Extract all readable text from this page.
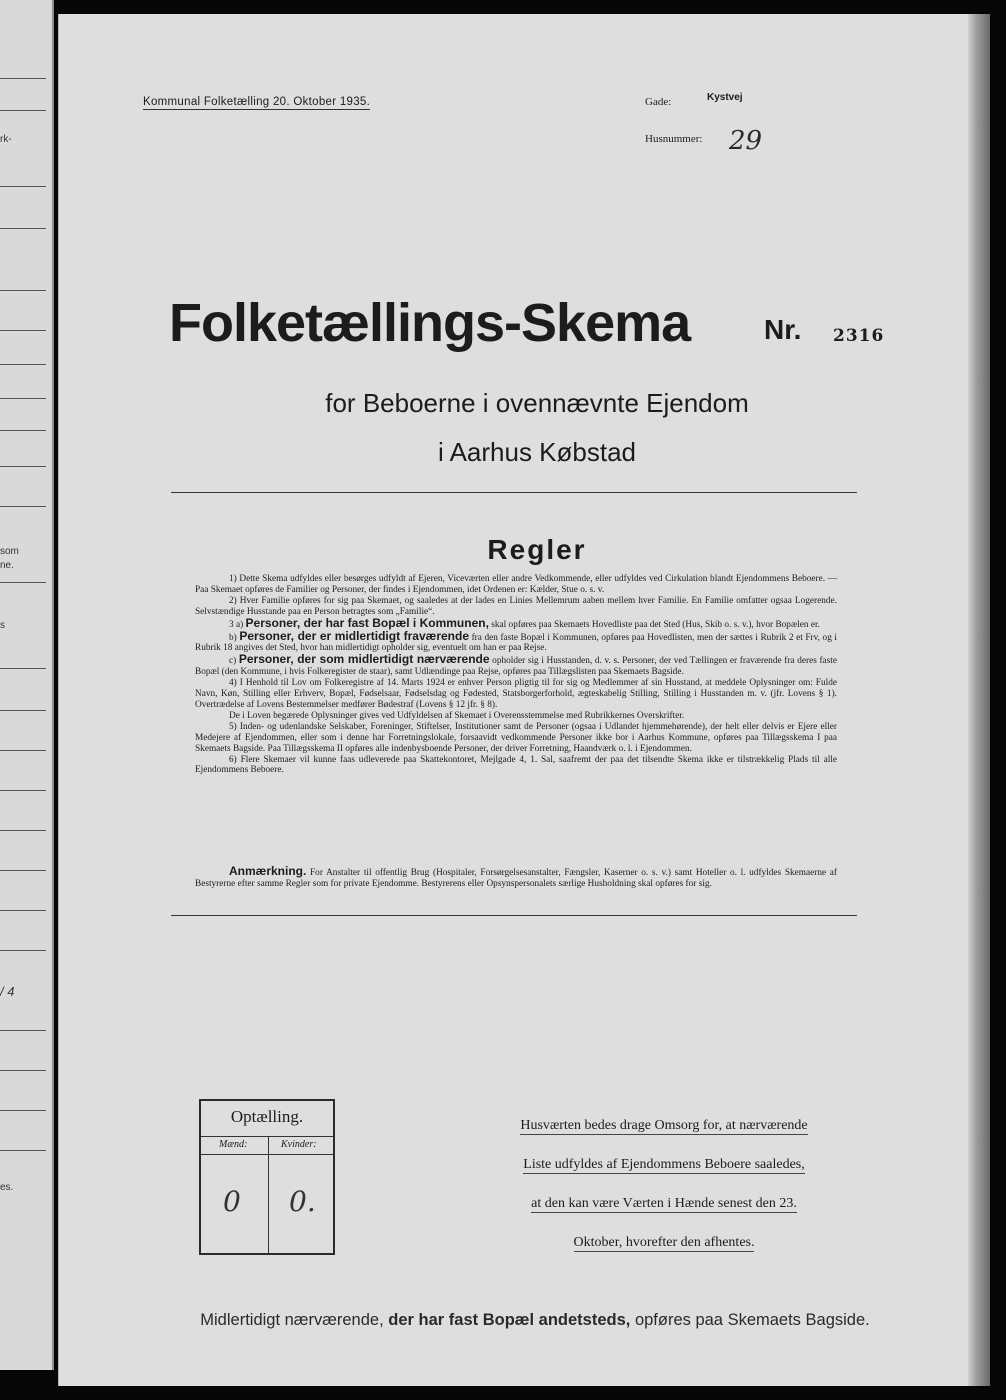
rk-
som
ne.
s
/ 4
es.
Kommunal Folketælling 20. Oktober 1935.	Gade:	Kystvej
Husnummer: 29
Folketællings-Skema	Nr. 2316
for Beboerne i ovennævnte Ejendom
i Aarhus Købstad
Regler

1) Dette Skema udfyldes eller besørges udfyldt af Ejeren, Viceværten eller andre Vedkommende, eller udfyldes ved Cirkulation blandt Ejendommens Beboere. — Paa Skemaet opføres de Familier og Personer, der findes i Ejendommen, idet Ordenen er: Kælder, Stue o. s. v.

2) Hver Familie opføres for sig paa Skemaet, og saaledes at der lades en Linies Mellemrum aaben mellem hver Familie. En Familie omfatter ogsaa Logerende. Selvstændige Husstande paa en Person betragtes som „Familie“.

3 a) Personer, der har fast Bopæl i Kommunen, skal opføres paa Skemaets Hovedliste paa det Sted (Hus, Skib o. s. v.), hvor Bopælen er.

b) Personer, der er midlertidigt fraværende fra den faste Bopæl i Kommunen, opføres paa Hovedlisten, men der sættes i Rubrik 2 et Frv, og i Rubrik 18 angives det Sted, hvor han midlertidigt opholder sig, eventuelt om han er paa Rejse.

c) Personer, der som midlertidigt nærværende opholder sig i Husstanden, d. v. s. Personer, der ved Tællingen er fraværende fra deres faste Bopæl (den Kommune, i hvis Folkeregister de staar), samt Udlændinge paa Rejse, opføres paa Tillægslisten paa Skemaets Bagside.

4) I Henhold til Lov om Folkeregistre af 14. Marts 1924 er enhver Person pligtig til for sig og Medlemmer af sin Husstand, at meddele Oplysninger om: Fulde Navn, Køn, Stilling eller Erhverv, Bopæl, Fødselsaar, Fødselsdag og Fødested, Statsborgerforhold, ægteskabelig Stilling, Stilling i Husstanden m. v. (jfr. Lovens § 1). Overtrædelse af Lovens Bestemmelser medfører Bødestraf (Lovens § 12 jfr. § 8).

De i Loven begærede Oplysninger gives ved Udfyldelsen af Skemaet i Overensstemmelse med Rubrikkernes Overskrifter.

5) Inden- og udenlandske Selskaber, Foreninger, Stiftelser, Institutioner samt de Personer (ogsaa i Udlandet hjemmehørende), der helt eller delvis er Ejere eller Medejere af Ejendommen, eller som i denne har Forretningslokale, forsaavidt vedkommende Personer ikke bor i Aarhus Kommune, opføres paa Tillægsskema I paa Skemaets Bagside. Paa Tillægsskema II opføres alle indenbysboende Personer, der driver Forretning, Haandværk o. l. i Ejendommen.

6) Flere Skemaer vil kunne faas udleverede paa Skattekontoret, Mejlgade 4, 1. Sal, saafremt der paa det tilsendte Skema ikke er tilstrækkelig Plads til alle Ejendommens Beboere.

Anmærkning. For Anstalter til offentlig Brug (Hospitaler, Forsørgelsesanstalter, Fængsler, Kaserner o. s. v.) samt Hoteller o. l. udfyldes Skemaerne af Bestyrerne efter samme Regler som for private Ejendomme. Bestyrerens eller Opsynspersonalets særlige Husholdning skal opføres for sig.
Optælling.
Mænd:	Kvinder:
0 0.
Husværten bedes drage Omsorg for, at nærværende
Liste udfyldes af Ejendommens Beboere saaledes,
at den kan være Værten i Hænde senest den 23.
Oktober, hvorefter den afhentes.
Midlertidigt nærværende, der har fast Bopæl andetsteds, opføres paa Skemaets Bagside.
